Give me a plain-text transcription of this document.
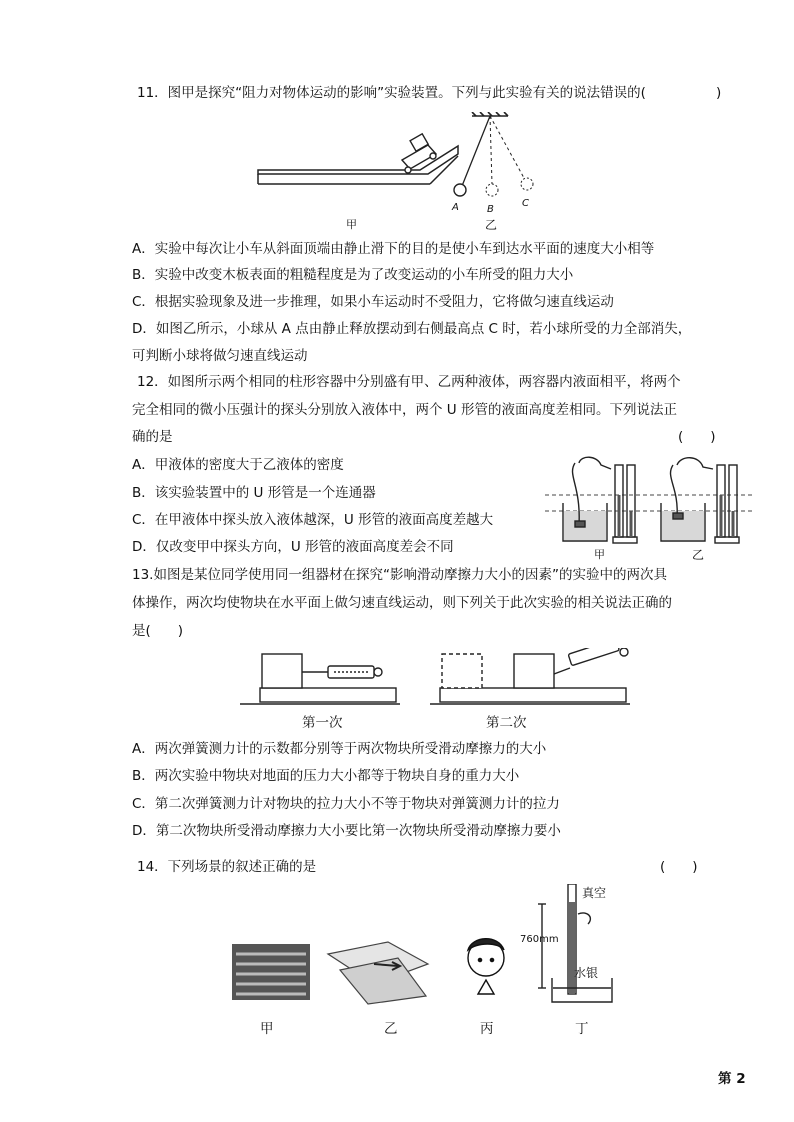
11．图甲是探究“阻力对物体运动的影响”实验装置。下列与此实验有关的说法错误的(	)
A	B
C
甲	乙
A．实验中每次让小车从斜面顶端由静止滑下的目的是使小车到达水平面的速度大小相等
B．实验中改变木板表面的粗糙程度是为了改变运动的小车所受的阻力大小
C．根据实验现象及进一步推理，如果小车运动时不受阻力，它将做匀速直线运动
D．如图乙所示，小球从 A 点由静止释放摆动到右侧最高点 C 时，若小球所受的力全部消失，
可判断小球将做匀速直线运动
12．如图所示两个相同的柱形容器中分别盛有甲、乙两种液体，两容器内液面相平，将两个
完全相同的微小压强计的探头分别放入液体中，两个 U 形管的液面高度差相同。下列说法正
确的是	(　　)
A．甲液体的密度大于乙液体的密度
B．该实验装置中的 U 形管是一个连通器
C．在甲液体中探头放入液体越深，U 形管的液面高度差越大
D．仅改变甲中探头方向，U 形管的液面高度差会不同	甲	乙
13.如图是某位同学使用同一组器材在探究“影响滑动摩擦力大小的因素”的实验中的两次具
体操作，两次均使物块在水平面上做匀速直线运动，则下列关于此次实验的相关说法正确的
是(　　)
第一次	第二次
A．两次弹簧测力计的示数都分别等于两次物块所受滑动摩擦力的大小
B．两次实验中物块对地面的压力大小都等于物块自身的重力大小
C．第二次弹簧测力计对物块的拉力大小不等于物块对弹簧测力计的拉力
D．第二次物块所受滑动摩擦力大小要比第一次物块所受滑动摩擦力要小
14．下列场景的叙述正确的是	(　　)
真空
760mm
水银
甲	乙	丙	丁
第 2
